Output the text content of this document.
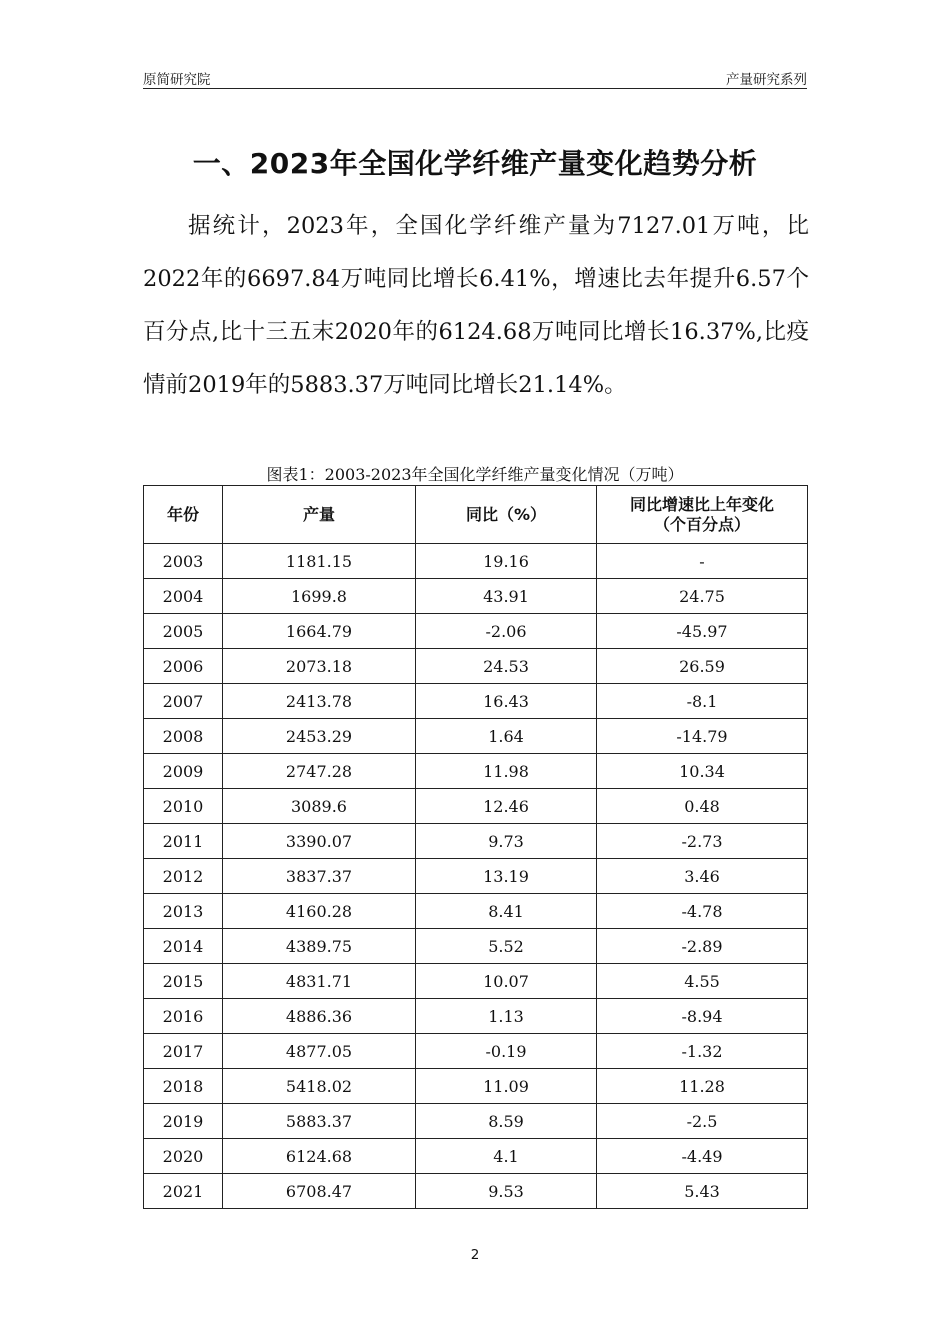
原简研究院	产量研究系列
一、2023年全国化学纤维产量变化趋势分析

据统计，2023年，全国化学纤维产量为7127.01万吨，比2022年的6697.84万吨同比增长6.41%，增速比去年提升6.57个百分点,比十三五末2020年的6124.68万吨同比增长16.37%,比疫情前2019年的5883.37万吨同比增长21.14%。

图表1：2003-2023年全国化学纤维产量变化情况（万吨）
年份	产量	同比（%）	同比增速比上年变化
（个百分点）
2003	1181.15	19.16	-
2004	1699.8	43.91	24.75
2005	1664.79	-2.06	-45.97
2006	2073.18	24.53	26.59
2007	2413.78	16.43	-8.1
2008	2453.29	1.64	-14.79
2009	2747.28	11.98	10.34
2010	3089.6	12.46	0.48
2011	3390.07	9.73	-2.73
2012	3837.37	13.19	3.46
2013	4160.28	8.41	-4.78
2014	4389.75	5.52	-2.89
2015	4831.71	10.07	4.55
2016	4886.36	1.13	-8.94
2017	4877.05	-0.19	-1.32
2018	5418.02	11.09	11.28
2019	5883.37	8.59	-2.5
2020	6124.68	4.1	-4.49
2021	6708.47	9.53	5.43
2
